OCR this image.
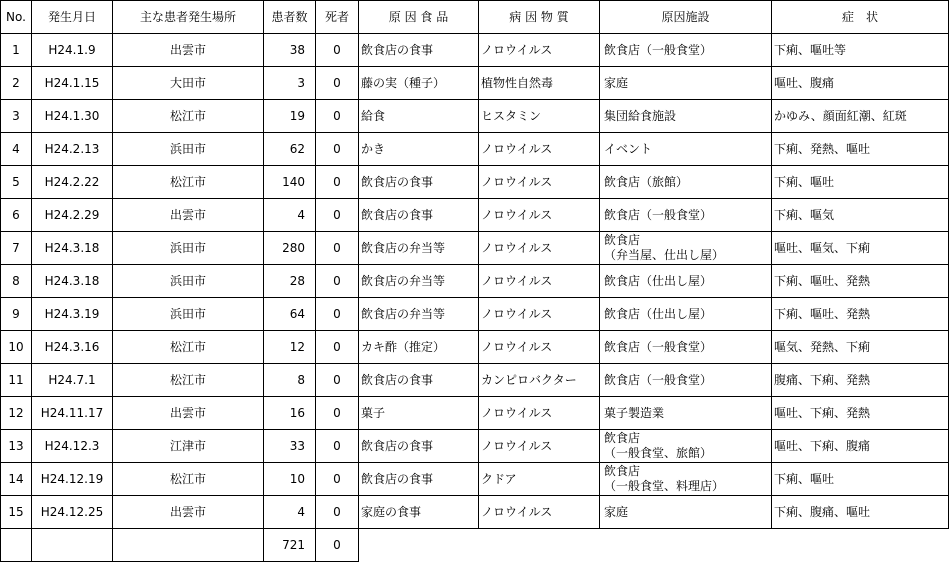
No.	発生月日	主な患者発生場所	患者数	死者	原 因 食 品	病 因 物 質	原因施設	症　状
1	H24.1.9	出雲市	38	0	飲食店の食事	ノロウイルス	飲食店（一般食堂）	下痢、嘔吐等
2	H24.1.15	大田市	3	0	藤の実（種子）	植物性自然毒	家庭	嘔吐、腹痛
3	H24.1.30	松江市	19	0	給食	ヒスタミン	集団給食施設	かゆみ、顔面紅潮、紅斑
4	H24.2.13	浜田市	62	0	かき	ノロウイルス	イベント	下痢、発熱、嘔吐
5	H24.2.22	松江市	140	0	飲食店の食事	ノロウイルス	飲食店（旅館）	下痢、嘔吐
6	H24.2.29	出雲市	4	0	飲食店の食事	ノロウイルス	飲食店（一般食堂）	下痢、嘔気
7	H24.3.18	浜田市	280	0	飲食店の弁当等	ノロウイルス	飲食店
（弁当屋、仕出し屋）	嘔吐、嘔気、下痢
8	H24.3.18	浜田市	28	0	飲食店の弁当等	ノロウイルス	飲食店（仕出し屋）	下痢、嘔吐、発熱
9	H24.3.19	浜田市	64	0	飲食店の弁当等	ノロウイルス	飲食店（仕出し屋）	下痢、嘔吐、発熱
10	H24.3.16	松江市	12	0	カキ酢（推定）	ノロウイルス	飲食店（一般食堂）	嘔気、発熱、下痢
11	H24.7.1	松江市	8	0	飲食店の食事	カンピロバクター	飲食店（一般食堂）	腹痛、下痢、発熱
12	H24.11.17	出雲市	16	0	菓子	ノロウイルス	菓子製造業	嘔吐、下痢、発熱
13	H24.12.3	江津市	33	0	飲食店の食事	ノロウイルス	飲食店
（一般食堂、旅館）	嘔吐、下痢、腹痛
14	H24.12.19	松江市	10	0	飲食店の食事	クドア	飲食店
（一般食堂、料理店）	下痢、嘔吐
15	H24.12.25	出雲市	4	0	家庭の食事	ノロウイルス	家庭	下痢、腹痛、嘔吐
			721	0				
